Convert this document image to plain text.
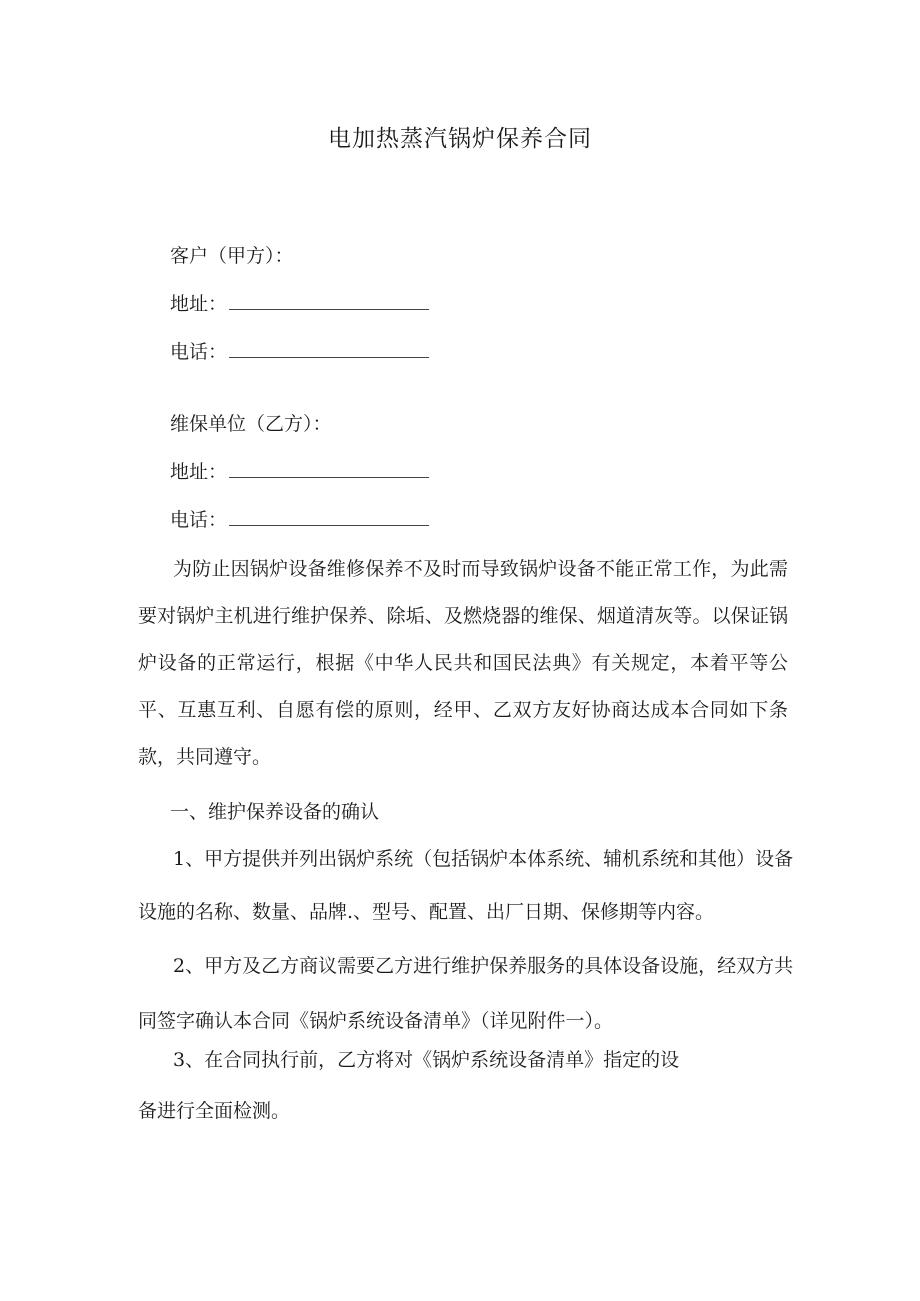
电加热蒸汽锅炉保养合同
客户（甲方）：
地址：
电话：
维保单位（乙方）：
地址：
电话：
为防止因锅炉设备维修保养不及时而导致锅炉设备不能正常工作，为此需要对锅炉主机进行维护保养、除垢、及燃烧器的维保、烟道清灰等。以保证锅炉设备的正常运行，根据《中华人民共和国民法典》有关规定，本着平等公平、互惠互利、自愿有偿的原则，经甲、乙双方友好协商达成本合同如下条款，共同遵守。
一、维护保养设备的确认
1、甲方提供并列出锅炉系统（包括锅炉本体系统、辅机系统和其他）设备设施的名称、数量、品牌.、型号、配置、出厂日期、保修期等内容。
2、甲方及乙方商议需要乙方进行维护保养服务的具体设备设施，经双方共同签字确认本合同《锅炉系统设备清单》（详见附件一）。
3、在合同执行前，乙方将对《锅炉系统设备清单》指定的设
备进行全面检测。
